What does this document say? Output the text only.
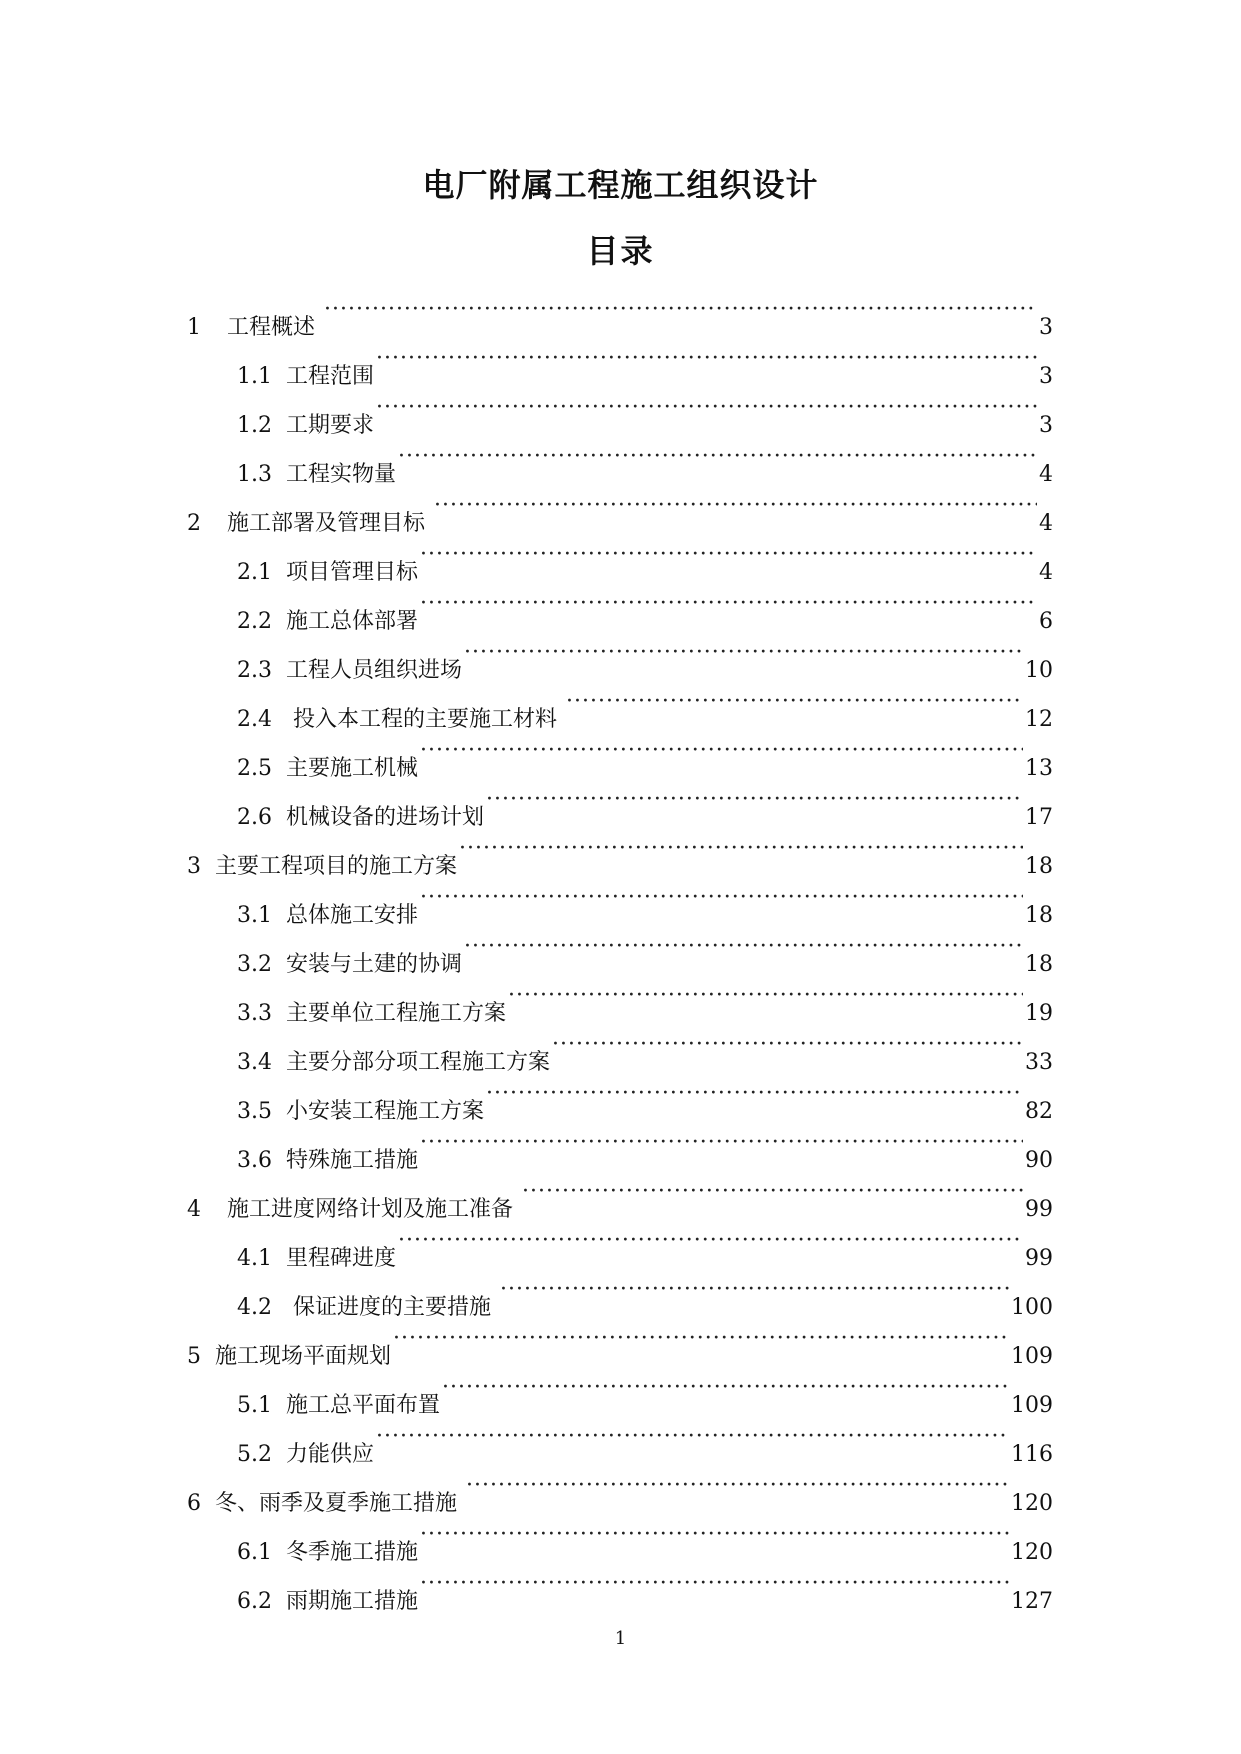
电厂附属工程施工组织设计
目录
1 工程概述 ·····	3
1.1 工程范围 ·····	3
1.2 工期要求 ·····	3
1.3 工程实物量 ·····	4
2 施工部署及管理目标 ·····	4
2.1 项目管理目标 ·····	4
2.2 施工总体部署 ·····	6
2.3 工程人员组织进场 ·····	10
2.4 投入本工程的主要施工材料 ·····	12
2.5 主要施工机械 ·····	13
2.6 机械设备的进场计划 ·····	17
3 主要工程项目的施工方案 ·····	18
3.1 总体施工安排 ·····	18
3.2 安装与土建的协调 ·····	18
3.3 主要单位工程施工方案 ·····	19
3.4 主要分部分项工程施工方案 ·····	33
3.5 小安装工程施工方案 ·····	82
3.6 特殊施工措施 ·····	90
4 施工进度网络计划及施工准备 ·····	99
4.1 里程碑进度 ·····	99
4.2 保证进度的主要措施 ·····	100
5 施工现场平面规划 ·····	109
5.1 施工总平面布置 ·····	109
5.2 力能供应 ·····	116
6 冬、雨季及夏季施工措施 ·····	120
6.1 冬季施工措施 ·····	120
6.2 雨期施工措施 ·····	127
1
